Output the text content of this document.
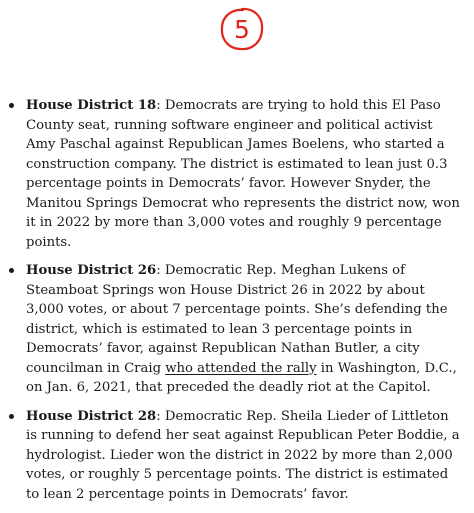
5
House District 18: Democrats are trying to hold this El Paso County seat, running software engineer and political activist Amy Paschal against Republican James Boelens, who started a construction company. The district is estimated to lean just 0.3 percentage points in Democrats’ favor. However Snyder, the Manitou Springs Democrat who represents the district now, won it in 2022 by more than 3,000 votes and roughly 9 percentage points.
House District 26: Democratic Rep. Meghan Lukens of Steamboat Springs won House District 26 in 2022 by about 3,000 votes, or about 7 percentage points. She’s defending the district, which is estimated to lean 3 percentage points in Democrats’ favor, against Republican Nathan Butler, a city councilman in Craig who attended the rally in Washington, D.C., on Jan. 6, 2021, that preceded the deadly riot at the Capitol.
House District 28: Democratic Rep. Sheila Lieder of Littleton is running to defend her seat against Republican Peter Boddie, a hydrologist. Lieder won the district in 2022 by more than 2,000 votes, or roughly 5 percentage points. The district is estimated to lean 2 percentage points in Democrats’ favor.
